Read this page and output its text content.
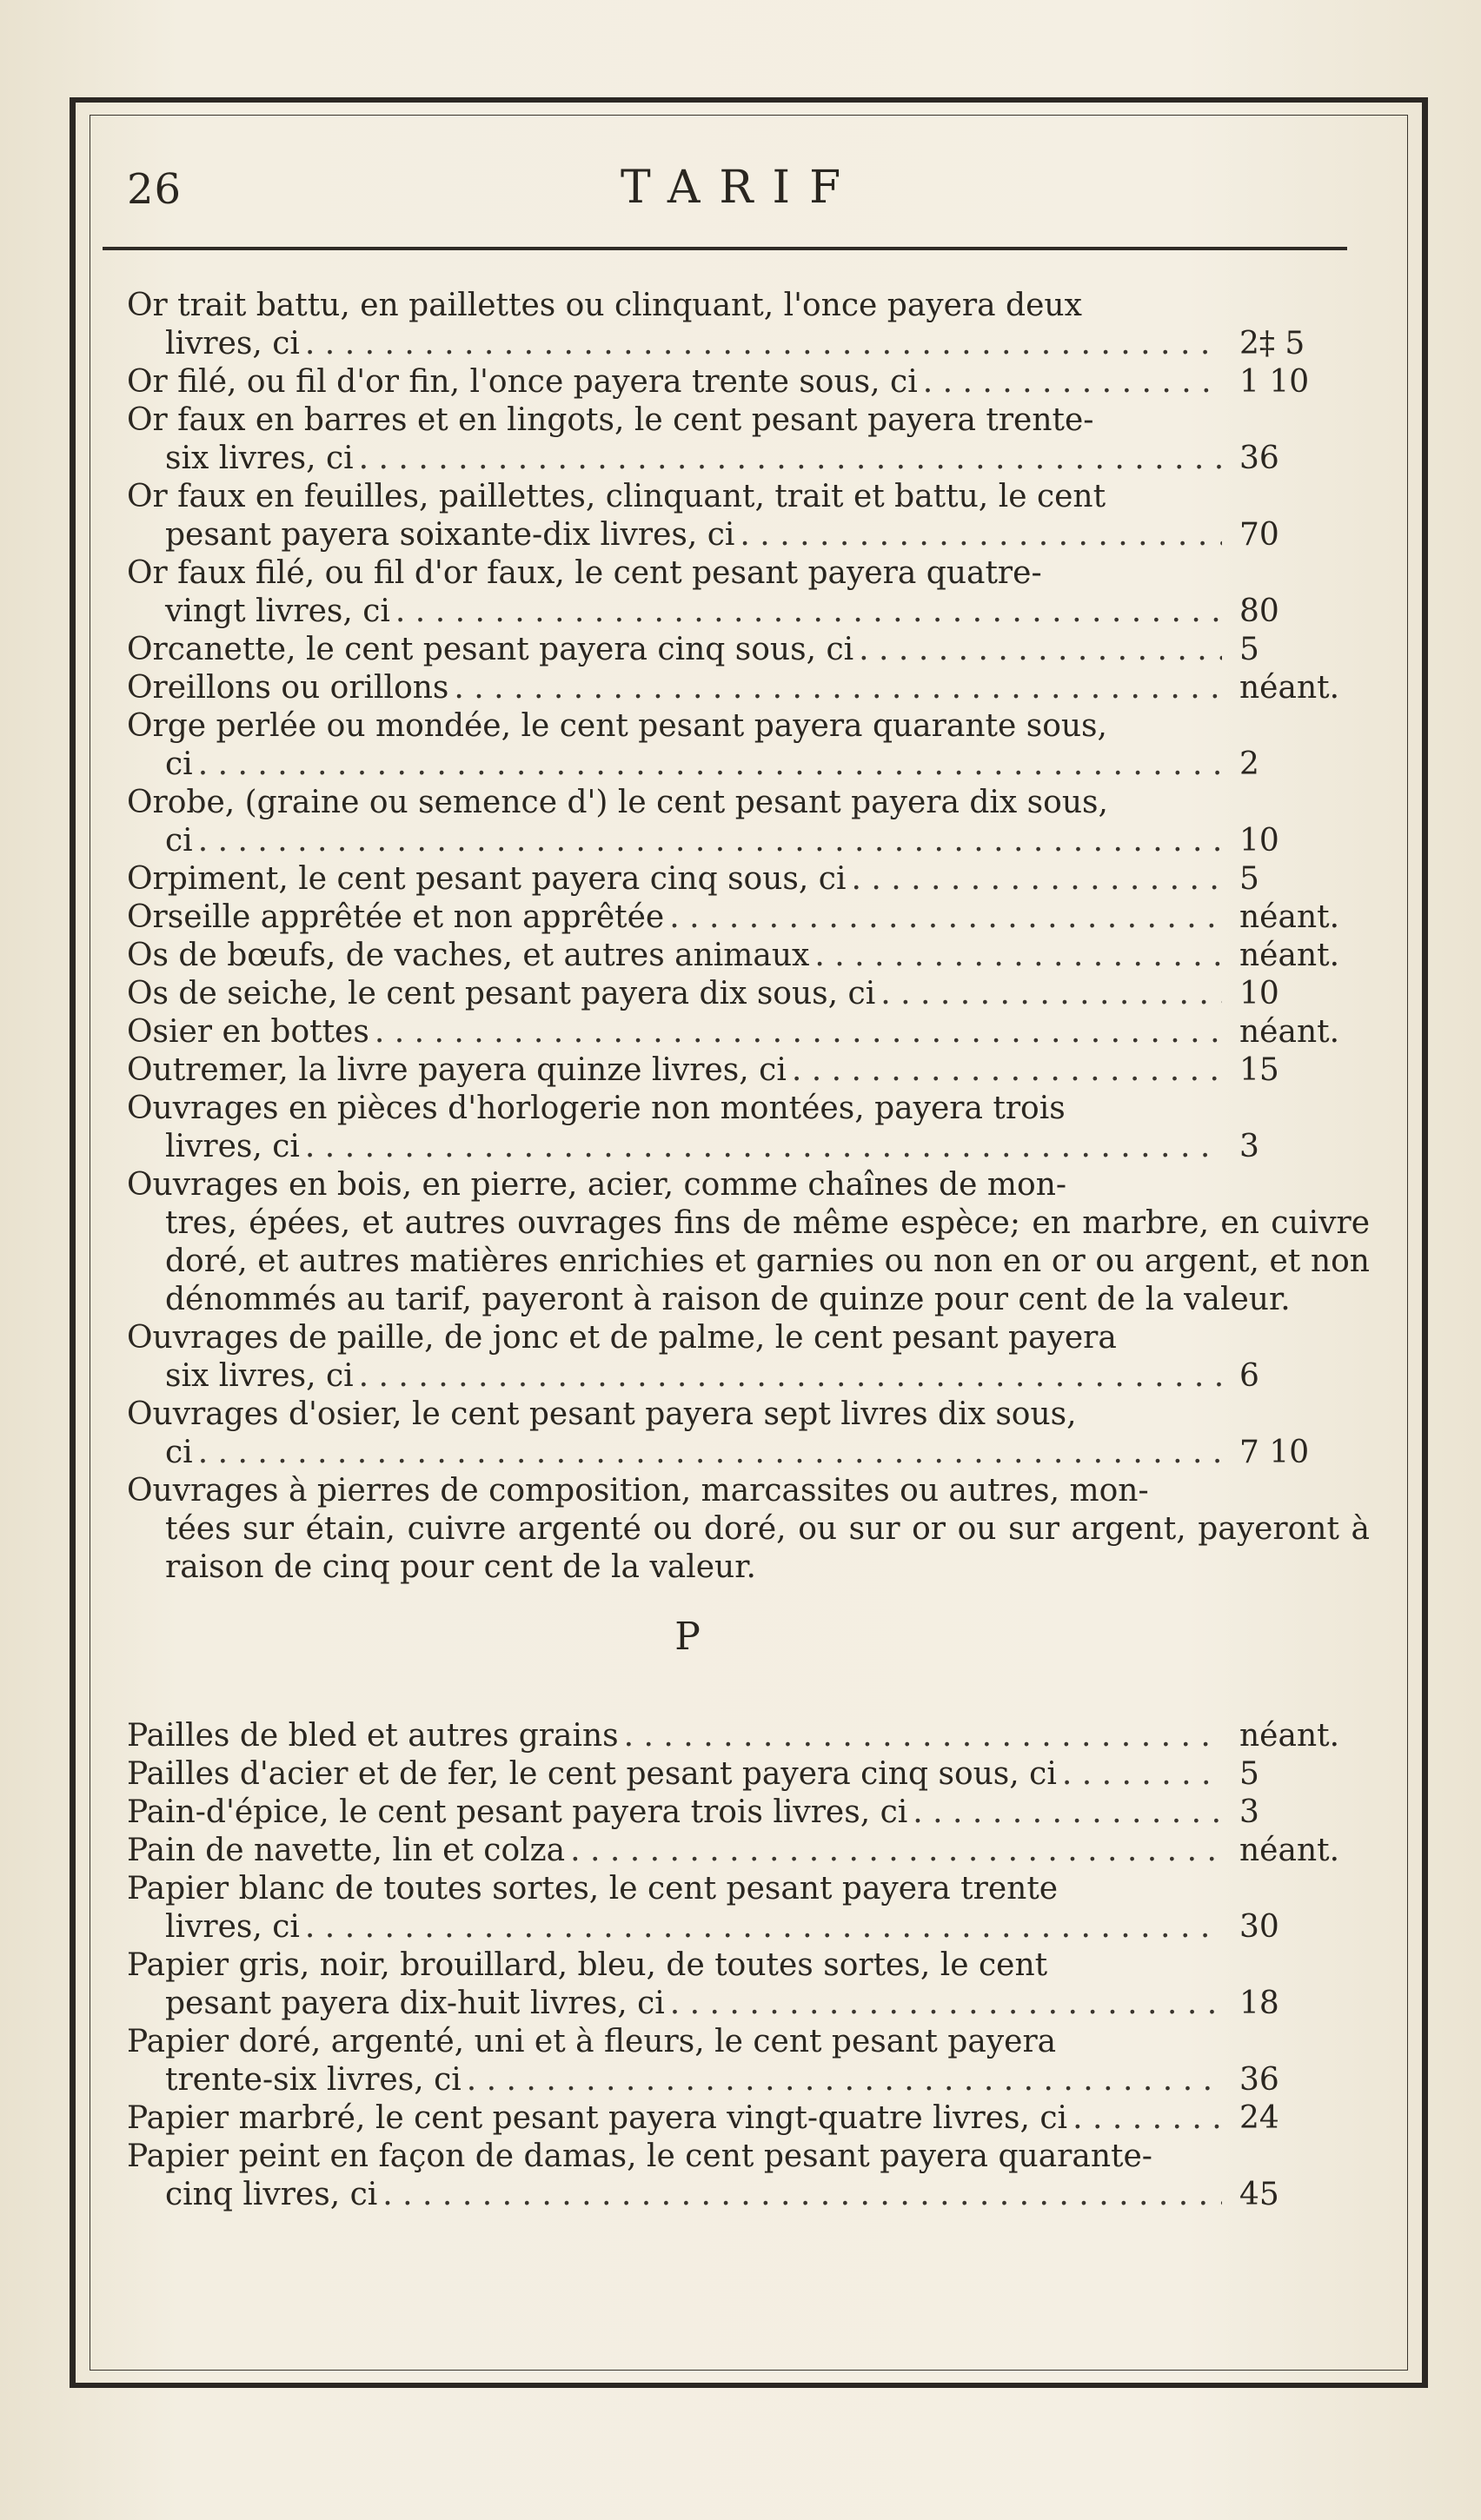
26	TARIF
Or trait battu, en paillettes ou clinquant, l'once payera deux
livres, ci . . .	2‡ 5
Or filé, ou fil d'or fin, l'once payera trente sous, ci . . .	1 10
Or faux en barres et en lingots, le cent pesant payera trente-
six livres, ci . . .	36
Or faux en feuilles, paillettes, clinquant, trait et battu, le cent
pesant payera soixante-dix livres, ci . . .	70
Or faux filé, ou fil d'or faux, le cent pesant payera quatre-
vingt livres, ci . . .	80
Orcanette, le cent pesant payera cinq sous, ci . . .	5
Oreillons ou orillons . . .	néant.
Orge perlée ou mondée, le cent pesant payera quarante sous,
ci . . .	2
Orobe, (graine ou semence d') le cent pesant payera dix sous,
ci . . .	10
Orpiment, le cent pesant payera cinq sous, ci . . .	5
Orseille apprêtée et non apprêtée . . .	néant.
Os de bœufs, de vaches, et autres animaux . . .	néant.
Os de seiche, le cent pesant payera dix sous, ci . . .	10
Osier en bottes . . .	néant.
Outremer, la livre payera quinze livres, ci . . .	15
Ouvrages en pièces d'horlogerie non montées, payera trois
livres, ci . . .	3
Ouvrages en bois, en pierre, acier, comme chaînes de mon-
tres, épées, et autres ouvrages fins de même espèce; en marbre, en cuivre doré, et autres matières enrichies et garnies ou non en or ou argent, et non dénommés au tarif, payeront à raison de quinze pour cent de la valeur.
Ouvrages de paille, de jonc et de palme, le cent pesant payera
six livres, ci . . .	6
Ouvrages d'osier, le cent pesant payera sept livres dix sous,
ci . . .	7 10
Ouvrages à pierres de composition, marcassites ou autres, mon-
tées sur étain, cuivre argenté ou doré, ou sur or ou sur argent, payeront à raison de cinq pour cent de la valeur.
P
Pailles de bled et autres grains . . .	néant.
Pailles d'acier et de fer, le cent pesant payera cinq sous, ci . . .	5
Pain-d'épice, le cent pesant payera trois livres, ci . . .	3
Pain de navette, lin et colza . . .	néant.
Papier blanc de toutes sortes, le cent pesant payera trente
livres, ci . . .	30
Papier gris, noir, brouillard, bleu, de toutes sortes, le cent
pesant payera dix-huit livres, ci . . .	18
Papier doré, argenté, uni et à fleurs, le cent pesant payera
trente-six livres, ci . . .	36
Papier marbré, le cent pesant payera vingt-quatre livres, ci . . .	24
Papier peint en façon de damas, le cent pesant payera quarante-
cinq livres, ci . . .	45
